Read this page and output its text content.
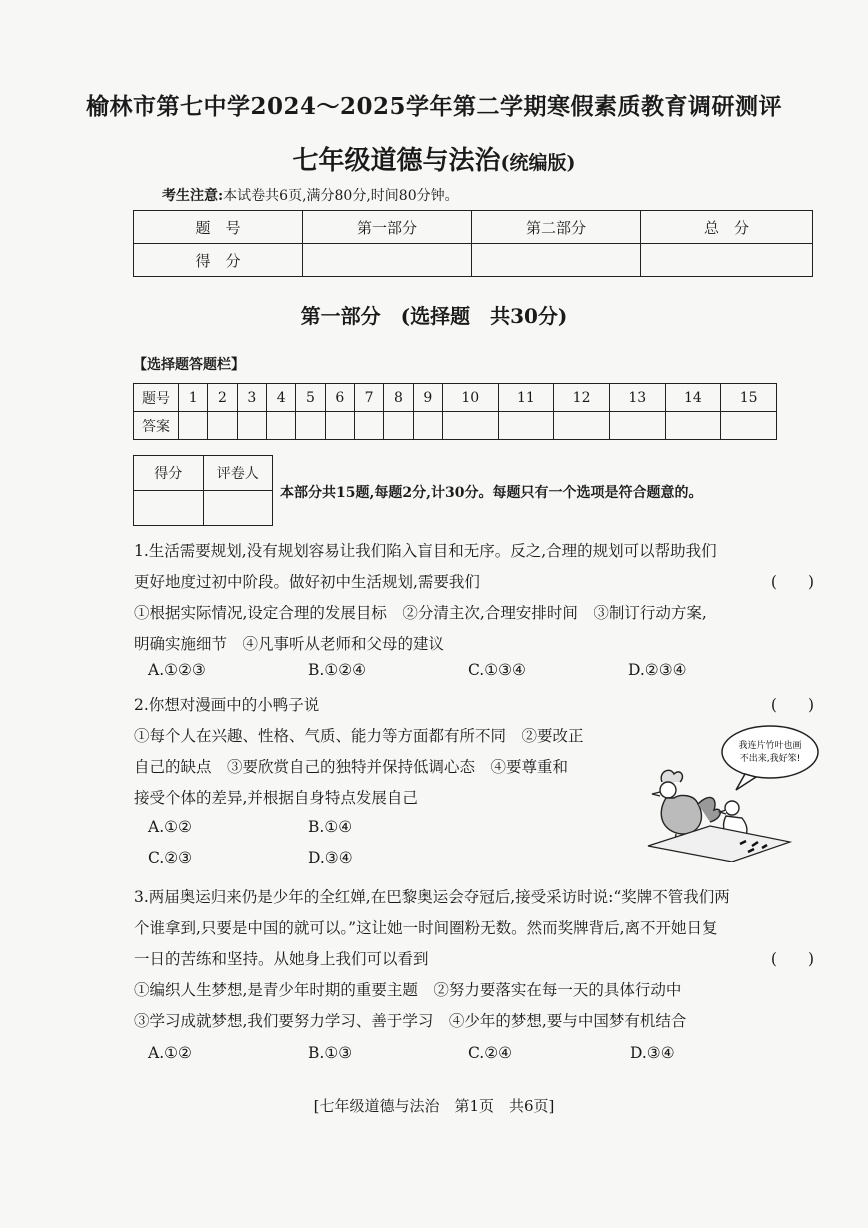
榆林市第七中学2024～2025学年第二学期寒假素质教育调研测评
七年级道德与法治(统编版)
考生注意:本试卷共6页,满分80分,时间80分钟。
题　号	第一部分	第二部分	总　分
得　分			
第一部分　(选择题　共30分)
【选择题答题栏】
题号	1	2	3	4	5	6	7	8	9	10	11	12	13	14	15
答案															
得分	评卷人

本部分共15题,每题2分,计30分。每题只有一个选项是符合题意的。
1.生活需要规划,没有规划容易让我们陷入盲目和无序。反之,合理的规划可以帮助我们
更好地度过初中阶段。做好初中生活规划,需要我们	(　　)
①根据实际情况,设定合理的发展目标　②分清主次,合理安排时间　③制订行动方案,
明确实施细节　④凡事听从老师和父母的建议
A.①②③	B.①②④	C.①③④	D.②③④
2.你想对漫画中的小鸭子说	(　　)
①每个人在兴趣、性格、气质、能力等方面都有所不同　②要改正
自己的缺点　③要欣赏自己的独特并保持低调心态　④要尊重和
接受个体的差异,并根据自身特点发展自己
A.①②	B.①④
C.②③	D.③④
我连片竹叶也画
不出来,我好笨!
3.两届奥运归来仍是少年的全红婵,在巴黎奥运会夺冠后,接受采访时说:“奖牌不管我们两
个谁拿到,只要是中国的就可以。”这让她一时间圈粉无数。然而奖牌背后,离不开她日复
一日的苦练和坚持。从她身上我们可以看到	(　　)
①编织人生梦想,是青少年时期的重要主题　②努力要落实在每一天的具体行动中
③学习成就梦想,我们要努力学习、善于学习　④少年的梦想,要与中国梦有机结合
A.①②	B.①③	C.②④	D.③④
[七年级道德与法治　第1页　共6页]
